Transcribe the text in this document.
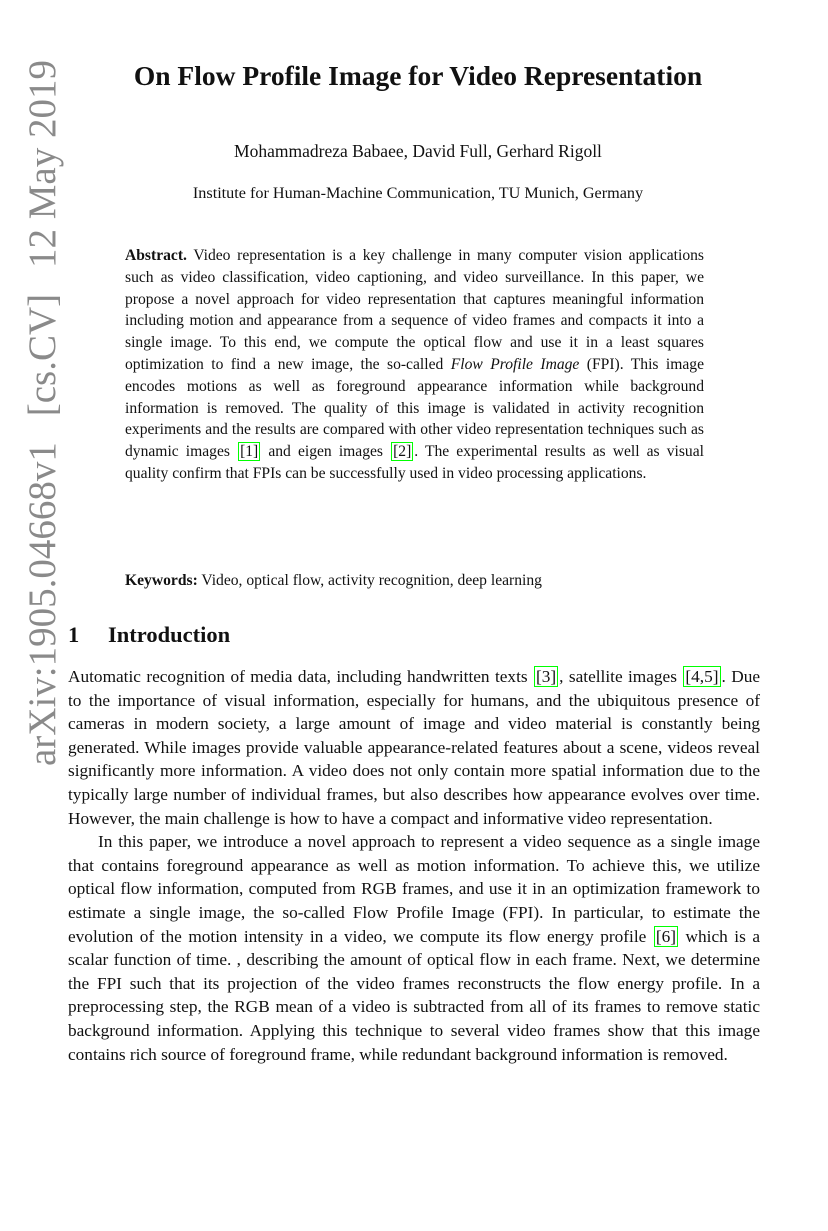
arXiv:1905.04668v1
[cs.CV]
12 May 2019	On Flow Profile Image for Video Representation
Mohammadreza Babaee, David Full, Gerhard Rigoll
Institute for Human-Machine Communication, TU Munich, Germany

Abstract. Video representation is a key challenge in many computer vision applications such as video classification, video captioning, and video surveillance. In this paper, we propose a novel approach for video representation that captures meaningful information including motion and appearance from a sequence of video frames and compacts it into a single image. To this end, we compute the optical flow and use it in a least squares optimization to find a new image, the so-called Flow Profile Image (FPI). This image encodes motions as well as foreground appearance information while background information is removed. The quality of this image is validated in activity recognition experiments and the results are compared with other video representation techniques such as dynamic images [1] and eigen images [2] . The experimental results as well as visual quality confirm that FPIs can be successfully used in video processing applications.

Keywords: Video, optical flow, activity recognition, deep learning
1 Introduction

Automatic recognition of media data, including handwritten texts [3] , satellite images [4,5] . Due to the importance of visual information, especially for humans, and the ubiquitous presence of cameras in modern society, a large amount of image and video material is constantly being generated. While images provide valuable appearance-related features about a scene, videos reveal significantly more information. A video does not only contain more spatial information due to the typically large number of individual frames, but also describes how appearance evolves over time. However, the main challenge is how to have a compact and informative video representation.

In this paper, we introduce a novel approach to represent a video sequence as a single image that contains foreground appearance as well as motion information. To achieve this, we utilize optical flow information, computed from RGB frames, and use it in an optimization framework to estimate a single image, the so-called Flow Profile Image (FPI). In particular, to estimate the evolution of the motion intensity in a video, we compute its flow energy profile [6] which is a scalar function of time. , describing the amount of optical flow in each frame. Next, we determine the FPI such that its projection of the video frames reconstructs the flow energy profile. In a preprocessing step, the RGB mean of a video is subtracted from all of its frames to remove static background information. Applying this technique to several video frames show that this image contains rich source of foreground frame, while redundant background information is removed.
